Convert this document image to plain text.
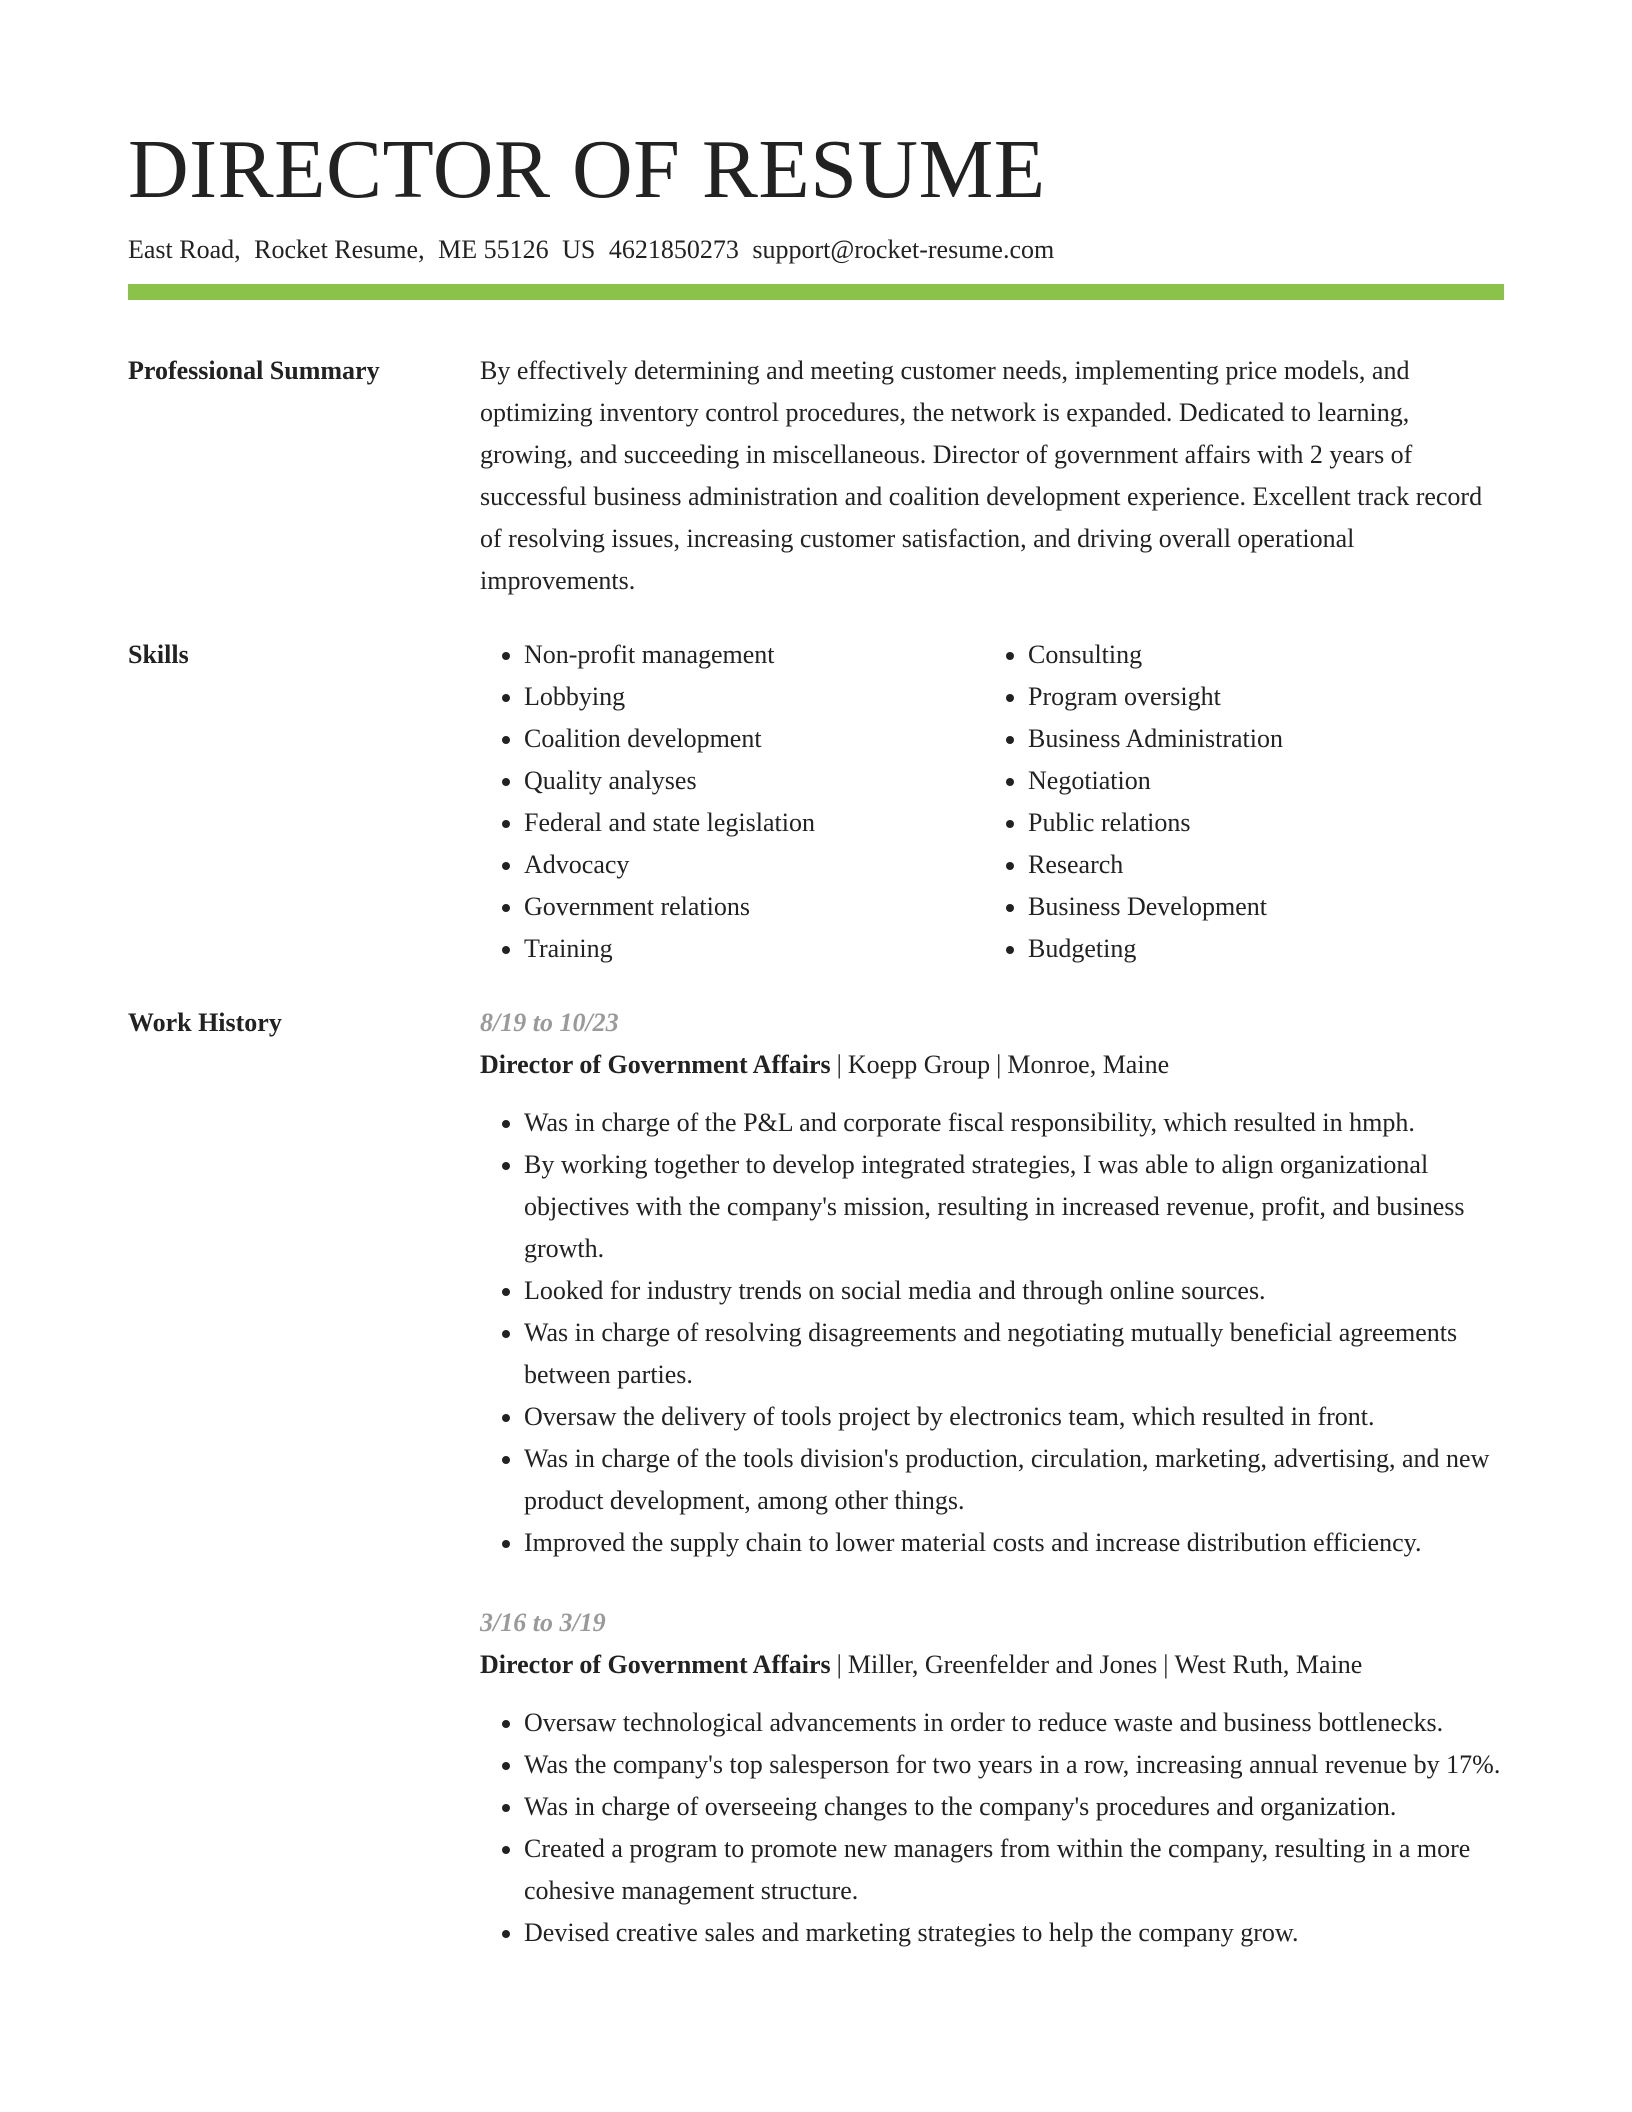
DIRECTOR OF RESUME
East Road, Rocket Resume, ME 55126 US 4621850273 support@rocket-resume.com
Professional Summary	By effectively determining and meeting customer needs, implementing price models, and optimizing inventory control procedures, the network is expanded. Dedicated to learning, growing, and succeeding in miscellaneous. Director of government affairs with 2 years of successful business administration and coalition development experience. Excellent track record of resolving issues, increasing customer satisfaction, and driving overall operational improvements.

Skills
•	Non-profit management
• Lobbying
• Coalition development
• Quality analyses
• Federal and state legislation
• Advocacy
• Government relations
• Training
• Consulting
• Program oversight
• Business Administration
• Negotiation
• Public relations
• Research
• Business Development
• Budgeting
Work History	8/19 to 10/23
Director of Government Affairs | Koepp Group | Monroe, Maine
• Was in charge of the P&L and corporate fiscal responsibility, which resulted in hmph.
• By working together to develop integrated strategies, I was able to align organizational objectives with the company's mission, resulting in increased revenue, profit, and business growth.
• Looked for industry trends on social media and through online sources.
• Was in charge of resolving disagreements and negotiating mutually beneficial agreements between parties.
• Oversaw the delivery of tools project by electronics team, which resulted in front.
• Was in charge of the tools division's production, circulation, marketing, advertising, and new product development, among other things.
• Improved the supply chain to lower material costs and increase distribution efficiency.
3/16 to 3/19
Director of Government Affairs | Miller, Greenfelder and Jones | West Ruth, Maine
• Oversaw technological advancements in order to reduce waste and business bottlenecks.
• Was the company's top salesperson for two years in a row, increasing annual revenue by 17%.
• Was in charge of overseeing changes to the company's procedures and organization.
• Created a program to promote new managers from within the company, resulting in a more cohesive management structure.
• Devised creative sales and marketing strategies to help the company grow.
